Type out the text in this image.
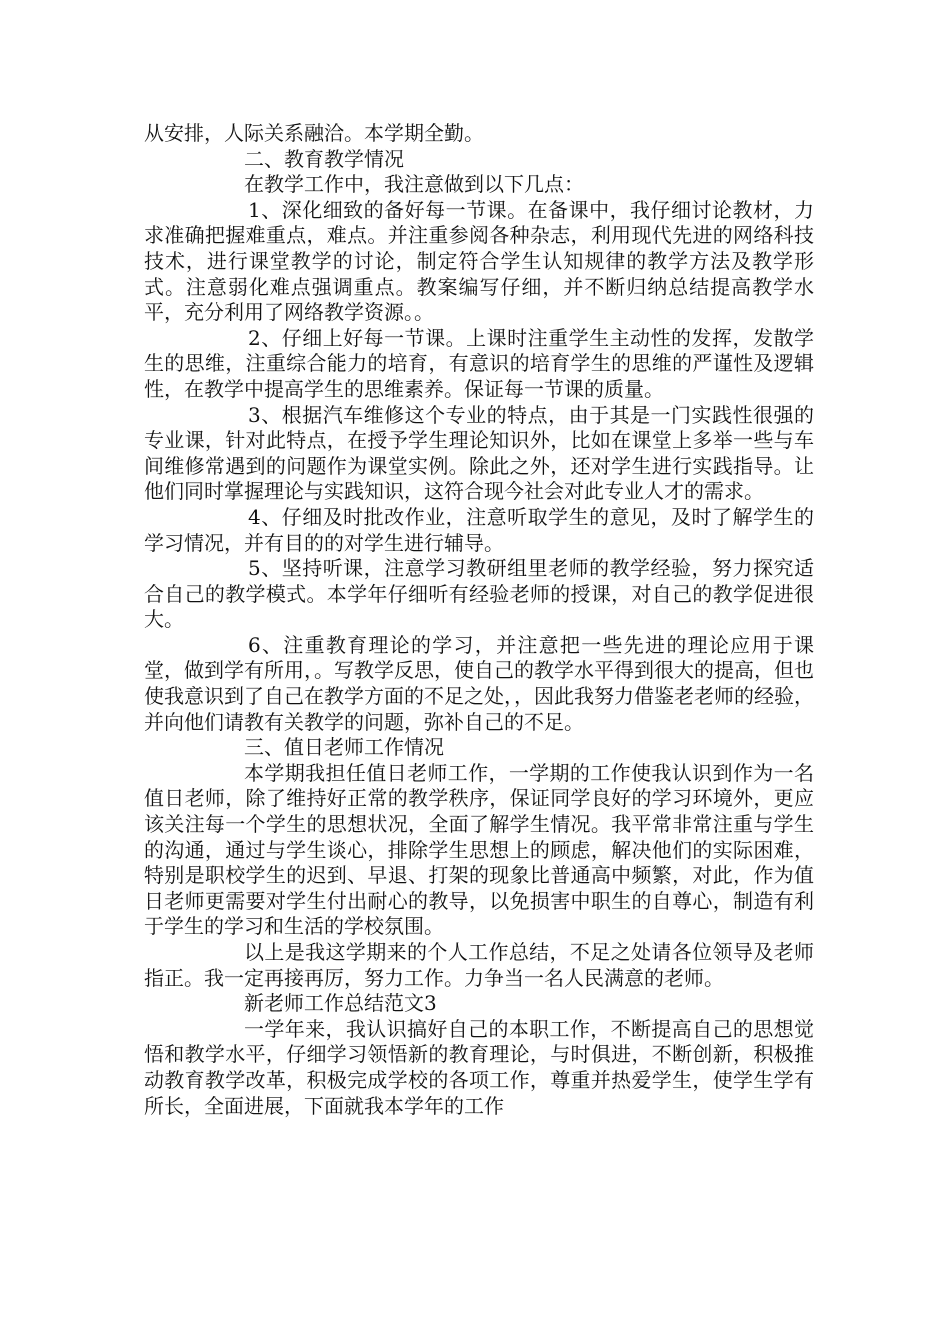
从安排，人际关系融洽。本学期全勤。

二、教育教学情况

在教学工作中，我注意做到以下几点：

1、深化细致的备好每一节课。在备课中，我仔细讨论教材，力求准确把握难重点，难点。并注重参阅各种杂志，利用现代先进的网络科技技术，进行课堂教学的讨论，制定符合学生认知规律的教学方法及教学形式。注意弱化难点强调重点。教案编写仔细，并不断归纳总结提高教学水平，充分利用了网络教学资源。。

2、仔细上好每一节课。上课时注重学生主动性的发挥，发散学生的思维，注重综合能力的培育，有意识的培育学生的思维的严谨性及逻辑性，在教学中提高学生的思维素养。保证每一节课的质量。

3、根据汽车维修这个专业的特点，由于其是一门实践性很强的专业课，针对此特点，在授予学生理论知识外，比如在课堂上多举一些与车间维修常遇到的问题作为课堂实例。除此之外，还对学生进行实践指导。让他们同时掌握理论与实践知识，这符合现今社会对此专业人才的需求。

4、仔细及时批改作业，注意听取学生的意见，及时了解学生的学习情况，并有目的的对学生进行辅导。

5、坚持听课，注意学习教研组里老师的教学经验，努力探究适合自己的教学模式。本学年仔细听有经验老师的授课，对自己的教学促进很大。

6、注重教育理论的学习，并注意把一些先进的理论应用于课堂，做到学有所用，。写教学反思，使自己的教学水平得到很大的提高，但也使我意识到了自己在教学方面的不足之处，，因此我努力借鉴老老师的经验，并向他们请教有关教学的问题，弥补自己的不足。

三、值日老师工作情况

本学期我担任值日老师工作，一学期的工作使我认识到作为一名值日老师，除了维持好正常的教学秩序，保证同学良好的学习环境外，更应该关注每一个学生的思想状况，全面了解学生情况。我平常非常注重与学生的沟通，通过与学生谈心，排除学生思想上的顾虑，解决他们的实际困难，特别是职校学生的迟到、早退、打架的现象比普通高中频繁，对此，作为值日老师更需要对学生付出耐心的教导，以免损害中职生的自尊心，制造有利于学生的学习和生活的学校氛围。

以上是我这学期来的个人工作总结，不足之处请各位领导及老师指正。我一定再接再厉，努力工作。力争当一名人民满意的老师。

新老师工作总结范文3

一学年来，我认识搞好自己的本职工作，不断提高自己的思想觉悟和教学水平，仔细学习领悟新的教育理论，与时俱进，不断创新，积极推动教育教学改革，积极完成学校的各项工作，尊重并热爱学生，使学生学有所长，全面进展，下面就我本学年的工作
